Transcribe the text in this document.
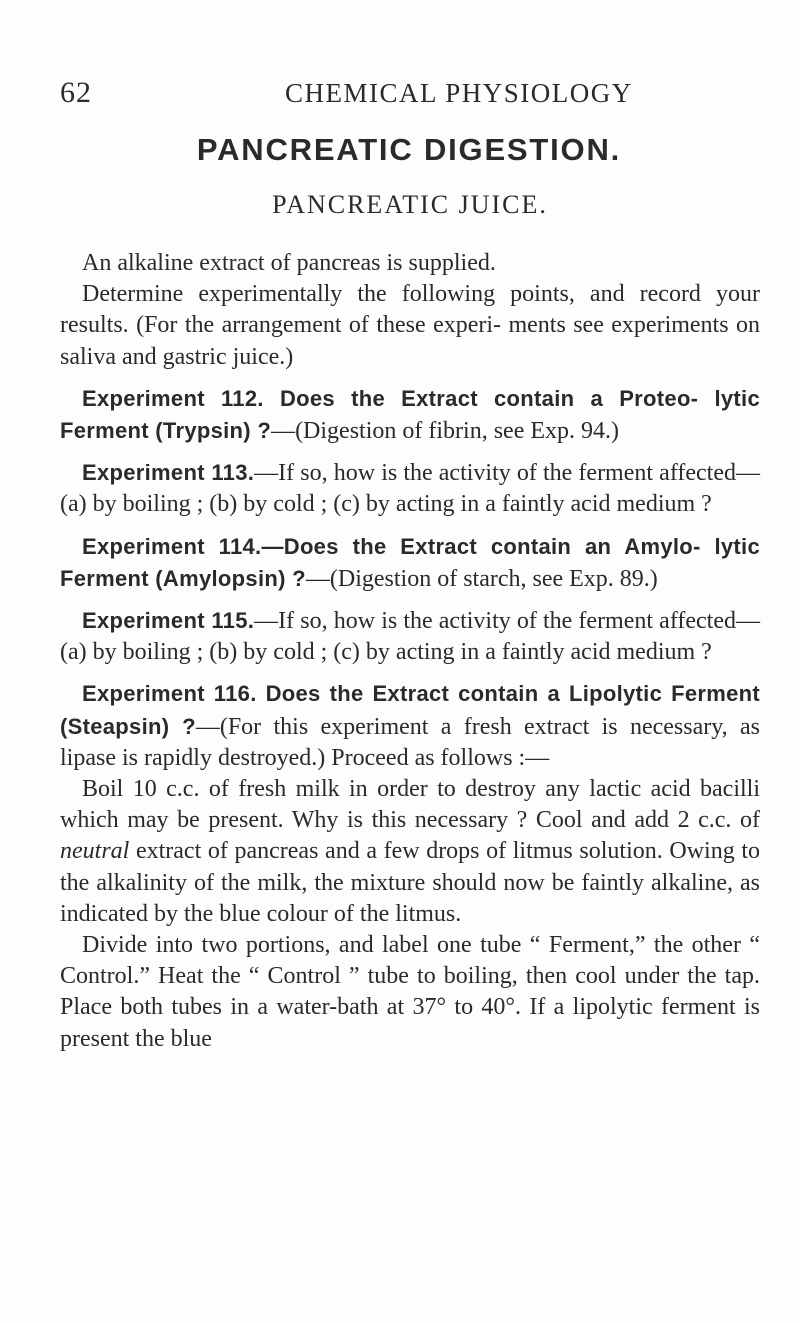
62	CHEMICAL PHYSIOLOGY
PANCREATIC DIGESTION.
PANCREATIC JUICE.

An alkaline extract of pancreas is supplied.

Determine experimentally the following points, and record your results. (For the arrangement of these experi- ments see experiments on saliva and gastric juice.)

Experiment 112. Does the Extract contain a Proteo- lytic Ferment (Trypsin) ?—(Digestion of fibrin, see Exp. 94.)

Experiment 113.—If so, how is the activity of the ferment affected—(a) by boiling ; (b) by cold ; (c) by acting in a faintly acid medium ?

Experiment 114.—Does the Extract contain an Amylo- lytic Ferment (Amylopsin) ?—(Digestion of starch, see Exp. 89.)

Experiment 115.—If so, how is the activity of the ferment affected—(a) by boiling ; (b) by cold ; (c) by acting in a faintly acid medium ?

Experiment 116. Does the Extract contain a Lipolytic Ferment (Steapsin) ?—(For this experiment a fresh extract is necessary, as lipase is rapidly destroyed.) Proceed as follows :—

Boil 10 c.c. of fresh milk in order to destroy any lactic acid bacilli which may be present. Why is this necessary ? Cool and add 2 c.c. of neutral extract of pancreas and a few drops of litmus solution. Owing to the alkalinity of the milk, the mixture should now be faintly alkaline, as indicated by the blue colour of the litmus.

Divide into two portions, and label one tube “ Ferment,” the other “ Control.” Heat the “ Control ” tube to boiling, then cool under the tap. Place both tubes in a water-bath at 37° to 40°. If a lipolytic ferment is present the blue
